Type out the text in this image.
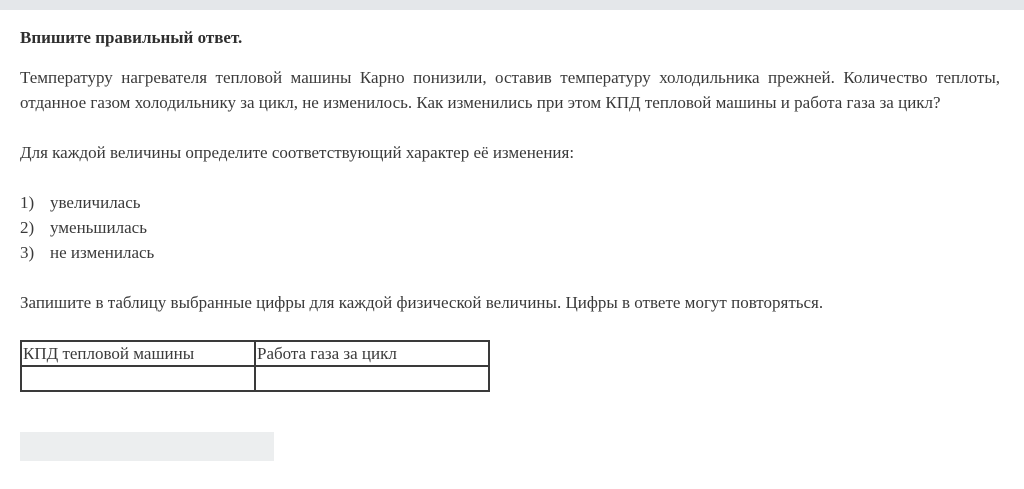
Впишите правильный ответ.

Температуру нагревателя тепловой машины Карно понизили, оставив температуру холодильника прежней. Количество теплоты, отданное газом холодильнику за цикл, не изменилось. Как изменились при этом КПД тепловой машины и работа газа за цикл?

Для каждой величины определите соответствующий характер её изменения:

1) увеличилась
2) уменьшилась
3) не изменилась

Запишите в таблицу выбранные цифры для каждой физической величины. Цифры в ответе могут повторяться.

КПД тепловой машины	Работа газа за цикл
